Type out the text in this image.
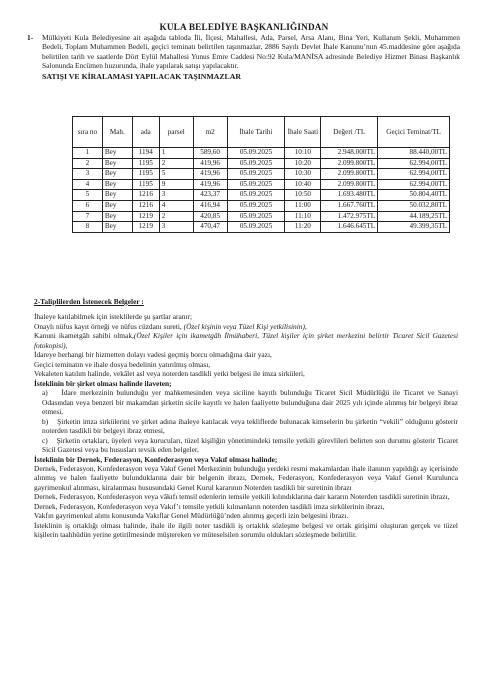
KULA BELEDİYE BAŞKANLIĞINDAN
1- Mülkiyeti Kula Belediyesine ait aşağıda tabloda İli, İlçesi, Mahallesi, Ada, Parsel, Arsa Alanı, Bina Yeri, Kullanım Şekli, Muhammen Bedeli, Toplam Muhammen Bedeli, geçici teminatı belirtilen taşınmazlar, 2886 Sayılı Devlet İhale Kanunu’nun 45.maddesine göre aşağıda belirtilen tarih ve saatlerde Dört Eylül Mahallesi Yunus Emre Caddesi No:92 Kula/MANİSA adresinde Belediye Hizmet Binası Başkanlık Salonunda Encümen huzurunda, ihale yapılarak satışı yapılacaktır.

SATIŞI VE KİRALAMASI YAPILACAK TAŞINMAZLAR
sıra no	Mah.	ada	parsel	m2	İhale Tarihi	İhale Saati	Değeri /TL	Geçici Teminat/TL
1	Bey	1194	1	589,60	05.09.2025	10:10	2.948.000TL	88.440,00TL
2	Bey	1195	2	419,96	05.09.2025	10:20	2.099.800TL	62.994,00TL
3	Bey	1195	5	419,96	05.09.2025	10:30	2.099.800TL	62.994,00TL
4	Bey	1195	9	419,96	05.09.2025	10:40	2.099.800TL	62.994,00TL
5	Bey	1216	3	423,37	05.09.2025	10:50	1.693.480TL	50.804,40TL
6	Bey	1216	4	416,94	05.09.2025	11:00	1.667.760TL	50.032,80TL
7	Bey	1219	2	420,85	05.09.2025	11:10	1.472.975TL	44.189,25TL
8	Bey	1219	3	470,47	05.09.2025	11:20	1.646.645TL	49.399,35TL
2-Taliplilerden İstenecek Belgeler :

İhaleye katılabilmek için isteklilerde şu şartlar aranır;

Onaylı nüfus kayıt örneği ve nüfus cüzdanı sureti, (Özel kişinin veya Tüzel Kişi yetkilisinin),

Kanuni ikametgâh sahibi olmak,(Özel Kişiler için ikametgâh İlmühaberi, Tüzel kişiler için şirket merkezini belirtir Ticaret Sicil Gazetesi fotokopisi),

İdareye herhangi bir hizmetten dolayı vadesi geçmiş borcu olmadığına dair yazı,

Geçici teminatın ve ihale dosya bedelinin yatırılmış olması,

Vekaleten katılım halinde, vekâlet asl veya noterden tasdikli yetki belgesi ile imza sirküleri,

İsteklinin bir şirket olması halinde ilaveten;

a) İdare merkezinin bulunduğu yer mahkemesinden veya siciline kayıtlı bulunduğu Ticaret Sicil Müdürlüğü ile Ticaret ve Sanayi Odasından veya benzeri bir makamdan şirketin sicile kayıtlı ve halen faaliyette bulunduğuna dair 2025 yılı içinde alınmış bir belgeyi ibraz etmesi,

b) Şirketin imza sirkülerini ve şirket adına ihaleye katılacak veya tekliflerde bulunacak kimselerin bu şirketin “vekili” olduğunu gösterir noterden tasdikli bir belgeyi ibraz etmesi,

c) Şirketin ortakları, üyeleri veya kurucuları, tüzel kişiliğin yönetimindeki temsile yetkili görevlileri belirten son durumu gösterir Ticaret Sicil Gazetesi veya bu hususları tevsik eden belgeler,

İsteklinin bir Dernek, Federasyon, Konfederasyon veya Vakıf olması halinde;

Dernek, Federasyon, Konfederasyon veya Vakıf Genel Merkezinin bulunduğu yerdeki resmi makamlardan ihale ilanının yapıldığı ay içerisinde alınmış ve halen faaliyette bulunduklarına dair bir belgenin ibrazı, Dernek, Federasyon, Konfederasyon veya Vakıf Genel Kurulunca gayrimenkul alınması, kiralanması hususundaki Genel Kurul kararının Noterden tasdikli bir suretinin ibrazı

Dernek, Federasyon, Konfederasyon veya vâkıfı temsil edenlerin temsile yetkili kılındıklarına dair kararın Noterden tasdikli suretinin ibrazı,

Dernek, Federasyon, Konfederasyon veya Vakıf’ı temsile yetkili kılınanların noterden tasdikli imza sirkülerinin ibrazı,

Vakfın gayrimenkul alımı konusunda Vakıflar Genel Müdürlüğü’nden alınmış geçerli izin belgesini ibrazı.

İsteklinin iş ortaklığı olması halinde, ihale ile ilgili noter tasdikli iş ortaklık sözleşme belgesi ve ortak girişimi oluşturan gerçek ve tüzel kişilerin taahhüdün yerine getirilmesinde müştereken ve müteselsilen sorumlu oldukları sözleşmede belirtilir.
